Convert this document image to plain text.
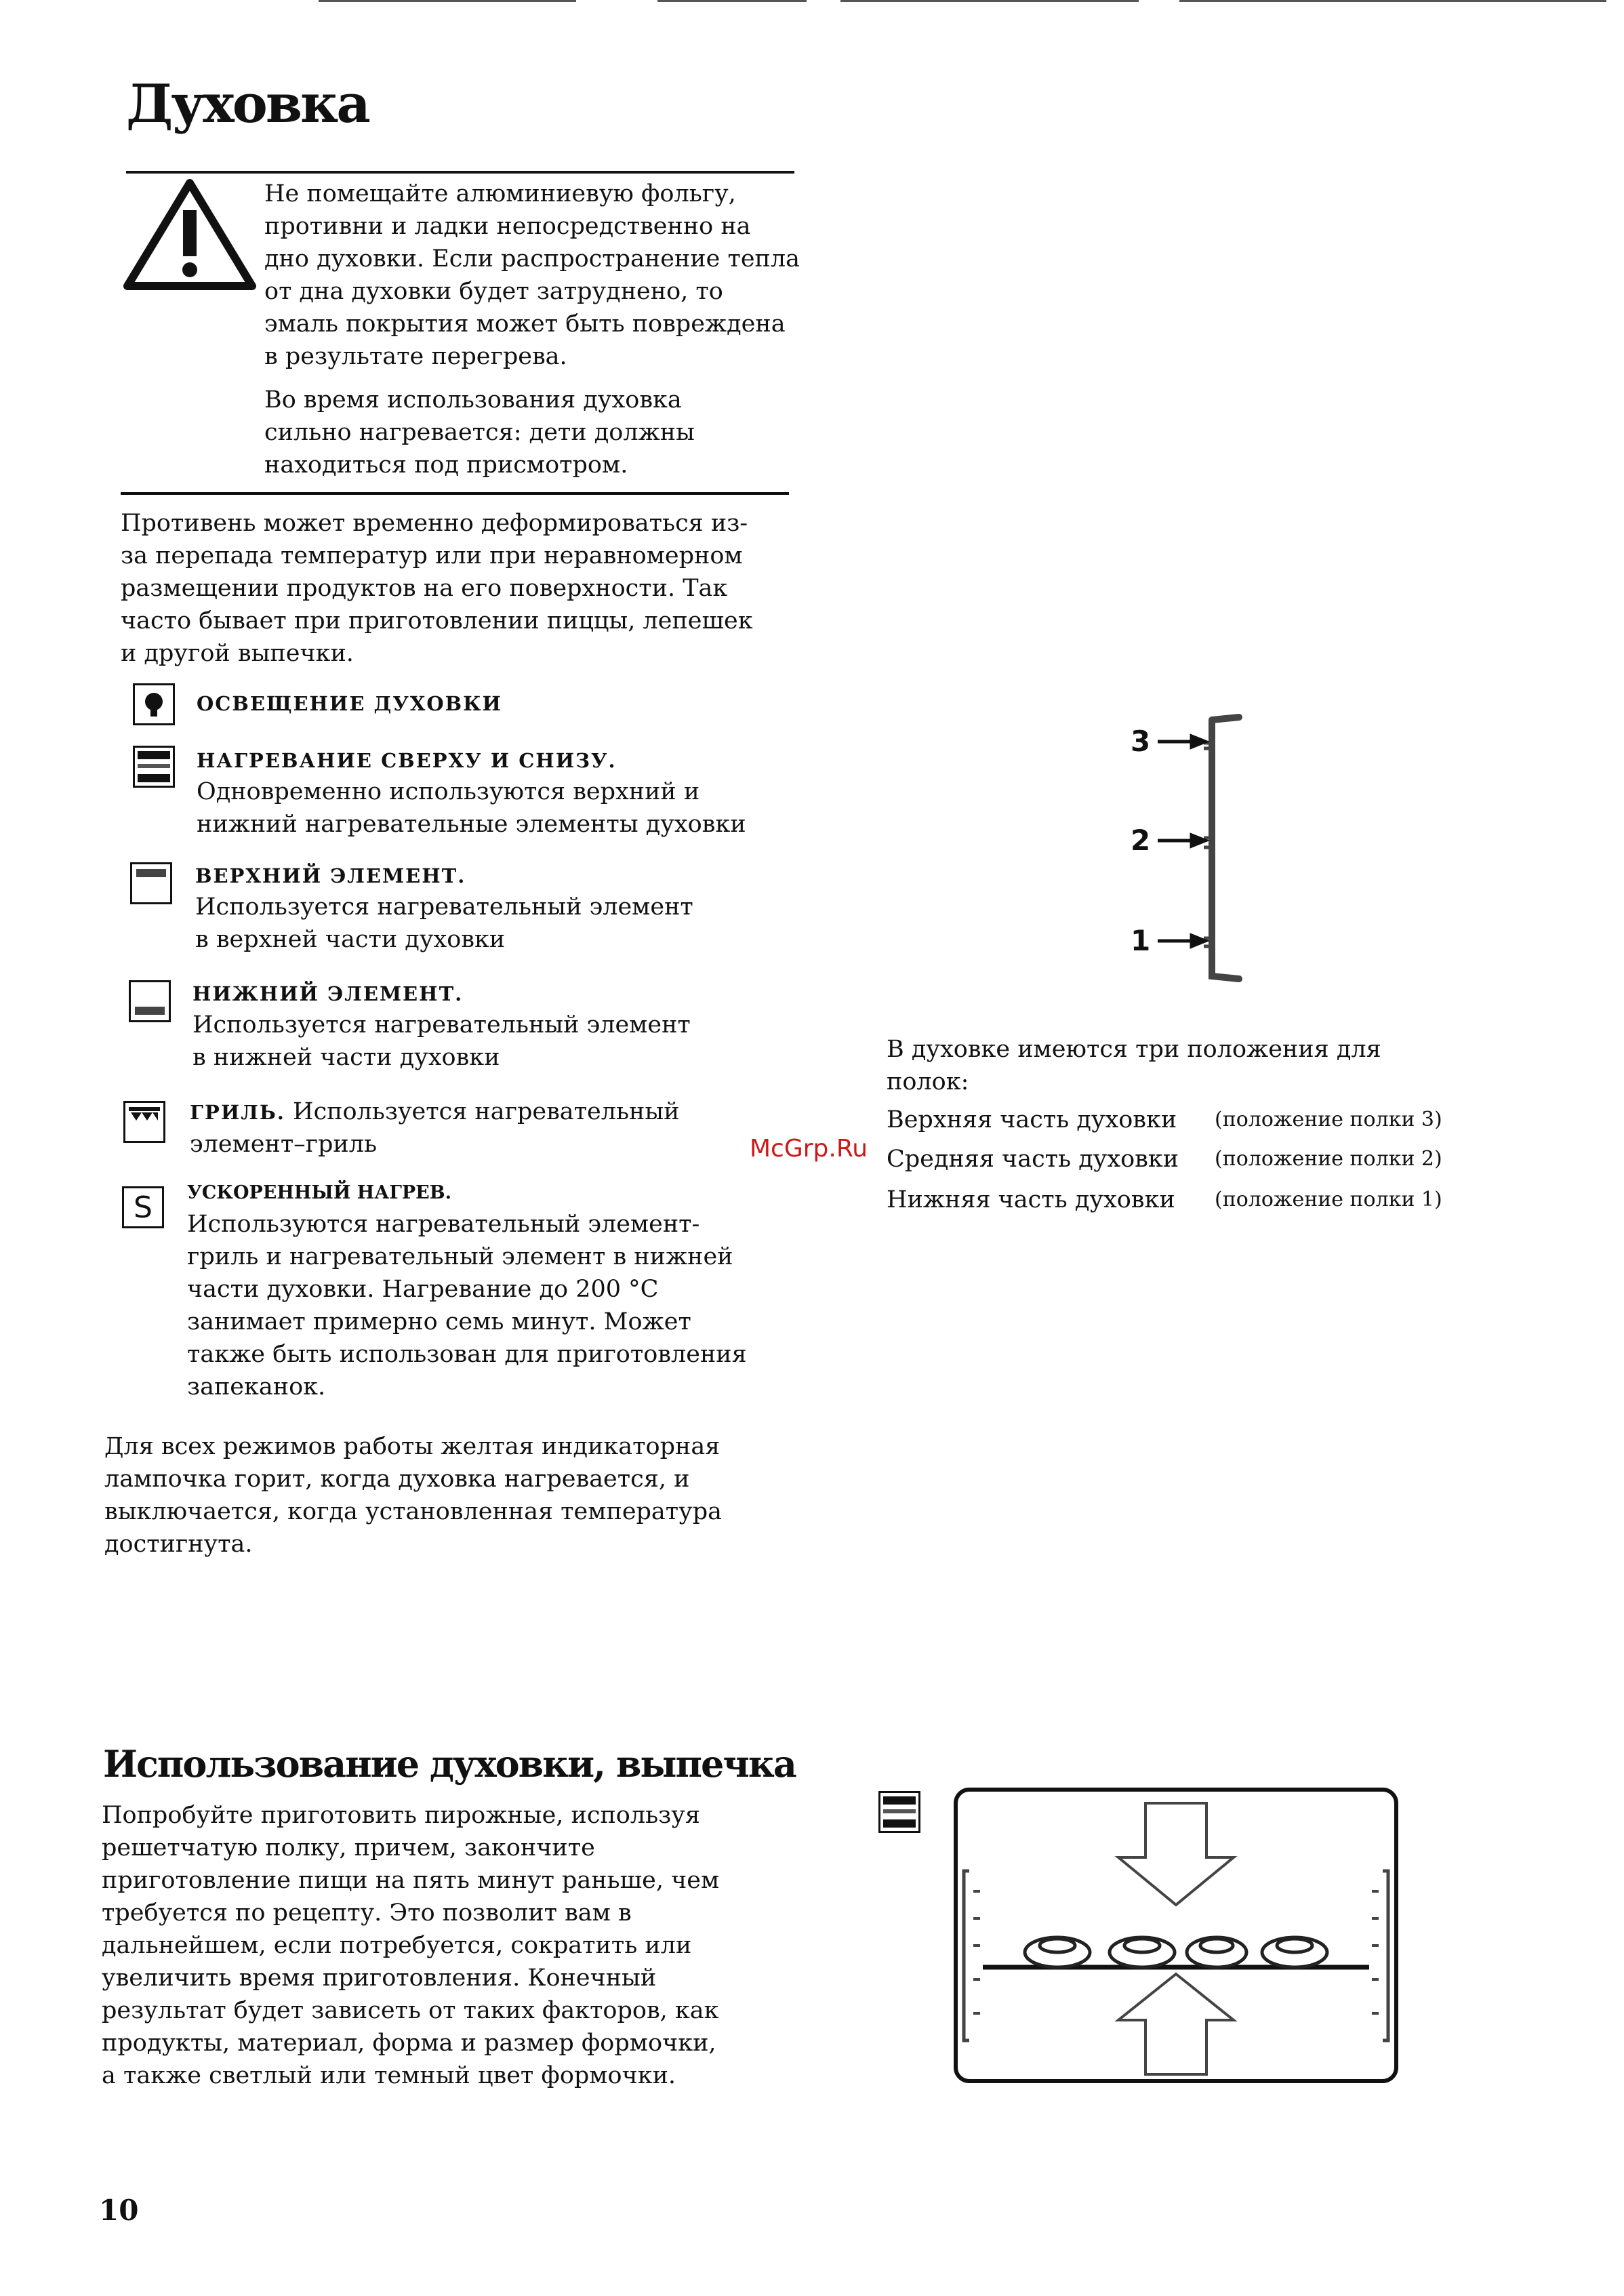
Духовка
Не помещайте алюминиевую фольгу,
противни и ладки непосредственно на
дно духовки. Если распространение тепла
от дна духовки будет затруднено, то
эмаль покрытия может быть повреждена
в результате перегрева.
Во время использования духовка
сильно нагревается: дети должны
находиться под присмотром.
Противень может временно деформироваться из-
за перепада температур или при неравномерном
размещении продуктов на его поверхности. Так
часто бывает при приготовлении пиццы, лепешек
и другой выпечки.
ОСВЕЩЕНИЕ ДУХОВКИ
НАГРЕВАНИЕ СВЕРХУ И СНИЗУ.
Одновременно используются верхний и
нижний нагревательные элементы духовки
ВЕРХНИЙ ЭЛЕМЕНТ.
Используется нагревательный элемент
в верхней части духовки
НИЖНИЙ ЭЛЕМЕНТ.
Используется нагревательный элемент
в нижней части духовки
ГРИЛЬ. Используется нагревательный
элемент–гриль
S	УСКОРЕННЫЙ НАГРЕВ.
Используются нагревательный элемент-
гриль и нагревательный элемент в нижней
части духовки. Нагревание до 200 °C
занимает примерно семь минут. Может
также быть использован для приготовления
запеканок.
Для всех режимов работы желтая индикаторная
лампочка горит, когда духовка нагревается, и
выключается, когда установленная температура
достигнута.
3
2
1
В духовке имеются три положения для
полок:
Верхняя часть духовки (положение полки 3)
Средняя часть духовки (положение полки 2)
Нижняя часть духовки (положение полки 1)
McGrp.Ru
Использование духовки, выпечка
Попробуйте приготовить пирожные, используя
решетчатую полку, причем, закончите
приготовление пищи на пять минут раньше, чем
требуется по рецепту. Это позволит вам в
дальнейшем, если потребуется, сократить или
увеличить время приготовления. Конечный
результат будет зависеть от таких факторов, как
продукты, материал, форма и размер формочки,
а также светлый или темный цвет формочки.
10
